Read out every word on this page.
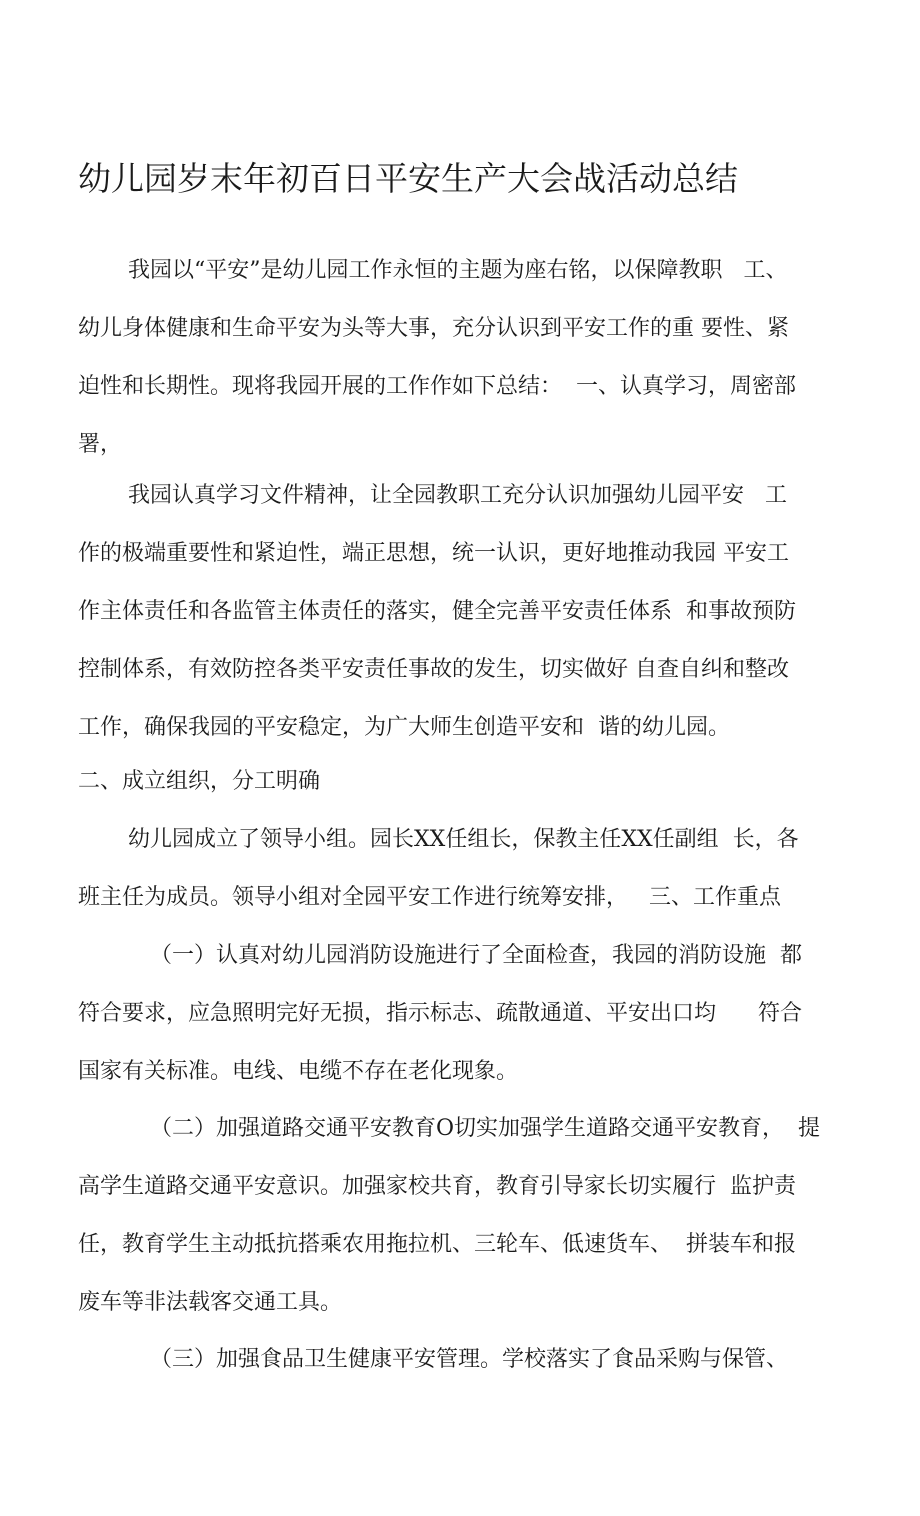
幼儿园岁末年初百日平安生产大会战活动总结
我园以“平安”是幼儿园工作永恒的主题为座右铭，以保障教职   工、
幼儿身体健康和生命平安为头等大事，充分认识到平安工作的重 要性、紧
迫性和长期性。现将我园开展的工作作如下总结：  一、认真学习，周密部
署，
我园认真学习文件精神，让全园教职工充分认识加强幼儿园平安   工
作的极端重要性和紧迫性，端正思想，统一认识，更好地推动我园 平安工
作主体责任和各监管主体责任的落实，健全完善平安责任体系  和事故预防
控制体系，有效防控各类平安责任事故的发生，切实做好 自查自纠和整改
工作，确保我园的平安稳定，为广大师生创造平安和  谐的幼儿园。
二、成立组织，分工明确
幼儿园成立了领导小组。园长XX任组长，保教主任XX任副组  长，各
班主任为成员。领导小组对全园平安工作进行统筹安排，   三、工作重点
（一）认真对幼儿园消防设施进行了全面检查，我园的消防设施  都
符合要求，应急照明完好无损，指示标志、疏散通道、平安出口均      符合
国家有关标准。电线、电缆不存在老化现象。
（二）加强道路交通平安教育O切实加强学生道路交通平安教育，  提
高学生道路交通平安意识。加强家校共育，教育引导家长切实履行  监护责
任，教育学生主动抵抗搭乘农用拖拉机、三轮车、低速货车、  拼装车和报
废车等非法载客交通工具。
（三）加强食品卫生健康平安管理。学校落实了食品采购与保管、
